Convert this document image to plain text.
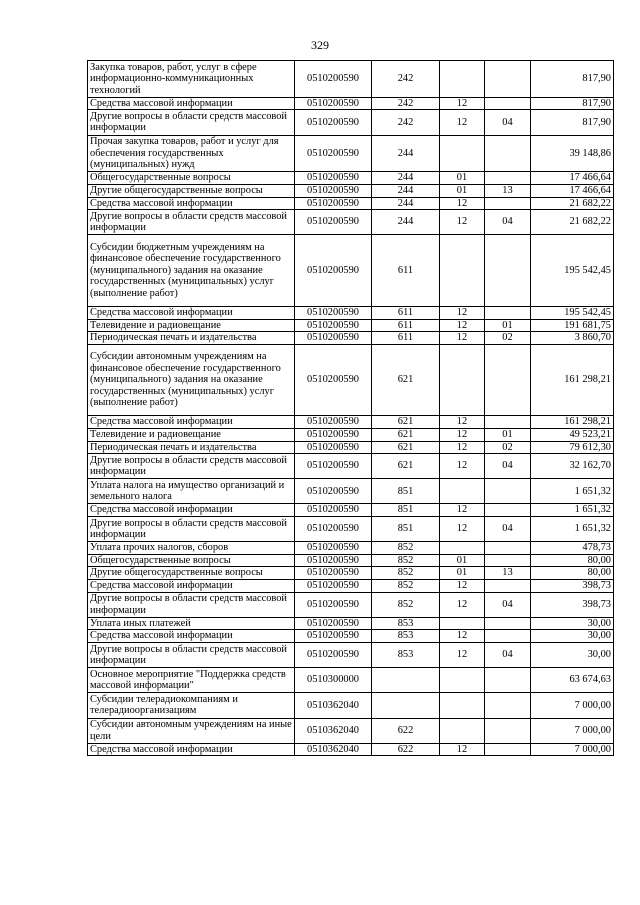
329
Закупка товаров, работ, услуг в сфере информационно-коммуникационных технологий	0510200590	242			817,90
Средства массовой информации	0510200590	242	12		817,90
Другие вопросы в области средств массовой информации	0510200590	242	12	04	817,90
Прочая закупка товаров, работ и услуг для обеспечения государственных (муниципальных) нужд	0510200590	244			39 148,86
Общегосударственные вопросы	0510200590	244	01		17 466,64
Другие общегосударственные вопросы	0510200590	244	01	13	17 466,64
Средства массовой информации	0510200590	244	12		21 682,22
Другие вопросы в области средств массовой информации	0510200590	244	12	04	21 682,22
Субсидии бюджетным учреждениям на финансовое обеспечение государственного (муниципального) задания на оказание государственных (муниципальных) услуг (выполнение работ)	0510200590	611			195 542,45
Средства массовой информации	0510200590	611	12		195 542,45
Телевидение и радиовещание	0510200590	611	12	01	191 681,75
Периодическая печать и издательства	0510200590	611	12	02	3 860,70
Субсидии автономным учреждениям на финансовое обеспечение государственного (муниципального) задания на оказание государственных (муниципальных) услуг (выполнение работ)	0510200590	621			161 298,21
Средства массовой информации	0510200590	621	12		161 298,21
Телевидение и радиовещание	0510200590	621	12	01	49 523,21
Периодическая печать и издательства	0510200590	621	12	02	79 612,30
Другие вопросы в области средств массовой информации	0510200590	621	12	04	32 162,70
Уплата налога на имущество организаций и земельного налога	0510200590	851			1 651,32
Средства массовой информации	0510200590	851	12		1 651,32
Другие вопросы в области средств массовой информации	0510200590	851	12	04	1 651,32
Уплата прочих налогов, сборов	0510200590	852			478,73
Общегосударственные вопросы	0510200590	852	01		80,00
Другие общегосударственные вопросы	0510200590	852	01	13	80,00
Средства массовой информации	0510200590	852	12		398,73
Другие вопросы в области средств массовой информации	0510200590	852	12	04	398,73
Уплата иных платежей	0510200590	853			30,00
Средства массовой информации	0510200590	853	12		30,00
Другие вопросы в области средств массовой информации	0510200590	853	12	04	30,00
Основное мероприятие "Поддержка средств массовой информации"	0510300000				63 674,63
Субсидии телерадиокомпаниям и телерадиоорганизациям	0510362040				7 000,00
Субсидии автономным учреждениям на иные цели	0510362040	622			7 000,00
Средства массовой информации	0510362040	622	12		7 000,00
